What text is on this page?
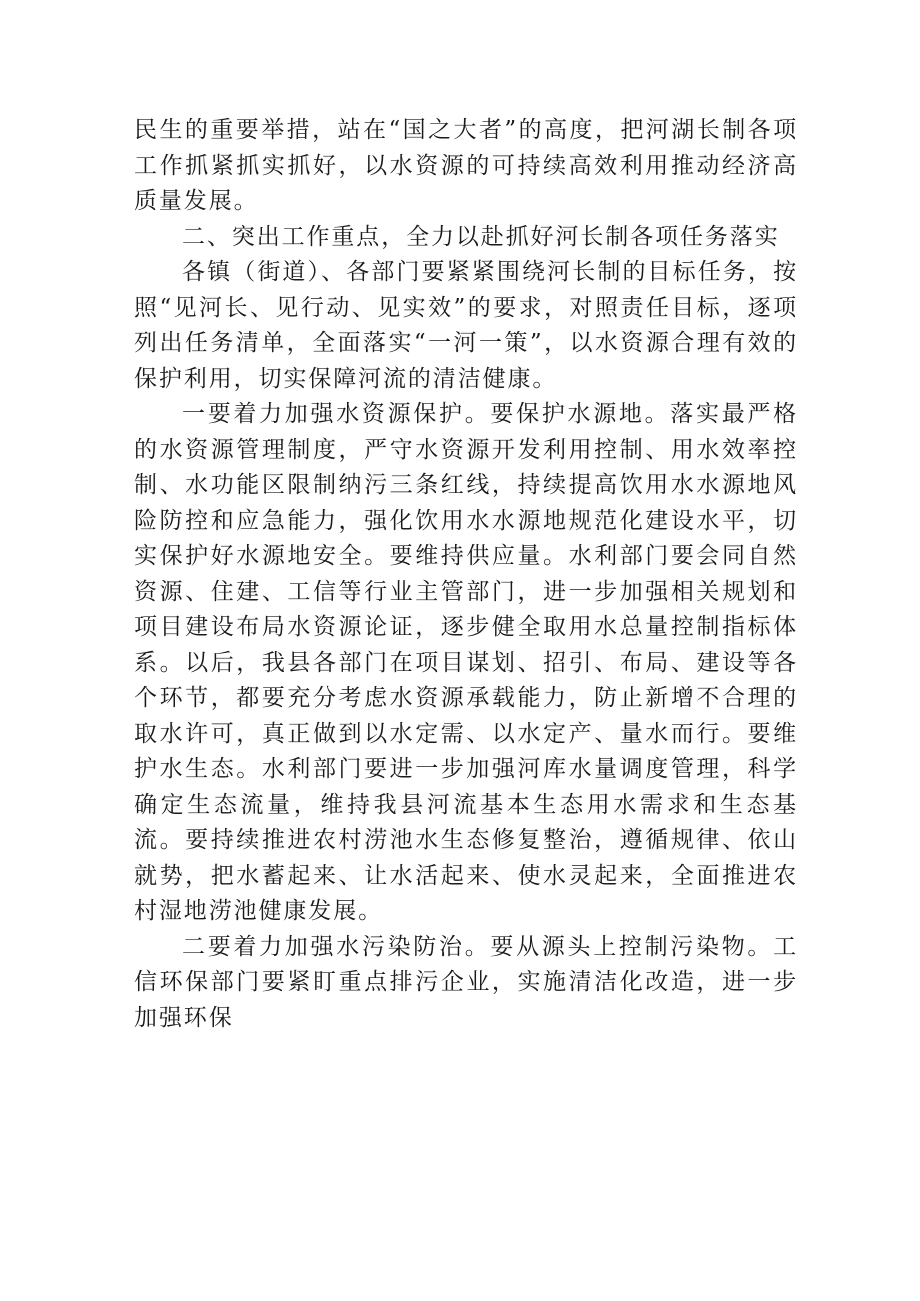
民生的重要举措，站在“国之大者”的高度，把河湖长制各项工作抓紧抓实抓好，以水资源的可持续高效利用推动经济高质量发展。

二、突出工作重点，全力以赴抓好河长制各项任务落实

各镇（街道）、各部门要紧紧围绕河长制的目标任务，按照“见河长、见行动、见实效”的要求，对照责任目标，逐项列出任务清单，全面落实“一河一策”，以水资源合理有效的保护利用，切实保障河流的清洁健康。

一要着力加强水资源保护。要保护水源地。落实最严格的水资源管理制度，严守水资源开发利用控制、用水效率控制、水功能区限制纳污三条红线，持续提高饮用水水源地风险防控和应急能力，强化饮用水水源地规范化建设水平，切实保护好水源地安全。要维持供应量。水利部门要会同自然资源、住建、工信等行业主管部门，进一步加强相关规划和项目建设布局水资源论证，逐步健全取用水总量控制指标体系。以后，我县各部门在项目谋划、招引、布局、建设等各个环节，都要充分考虑水资源承载能力，防止新增不合理的取水许可，真正做到以水定需、以水定产、量水而行。要维护水生态。水利部门要进一步加强河库水量调度管理，科学确定生态流量，维持我县河流基本生态用水需求和生态基流。要持续推进农村涝池水生态修复整治，遵循规律、依山就势，把水蓄起来、让水活起来、使水灵起来，全面推进农村湿地涝池健康发展。

二要着力加强水污染防治。要从源头上控制污染物。工信环保部门要紧盯重点排污企业，实施清洁化改造，进一步加强环保
